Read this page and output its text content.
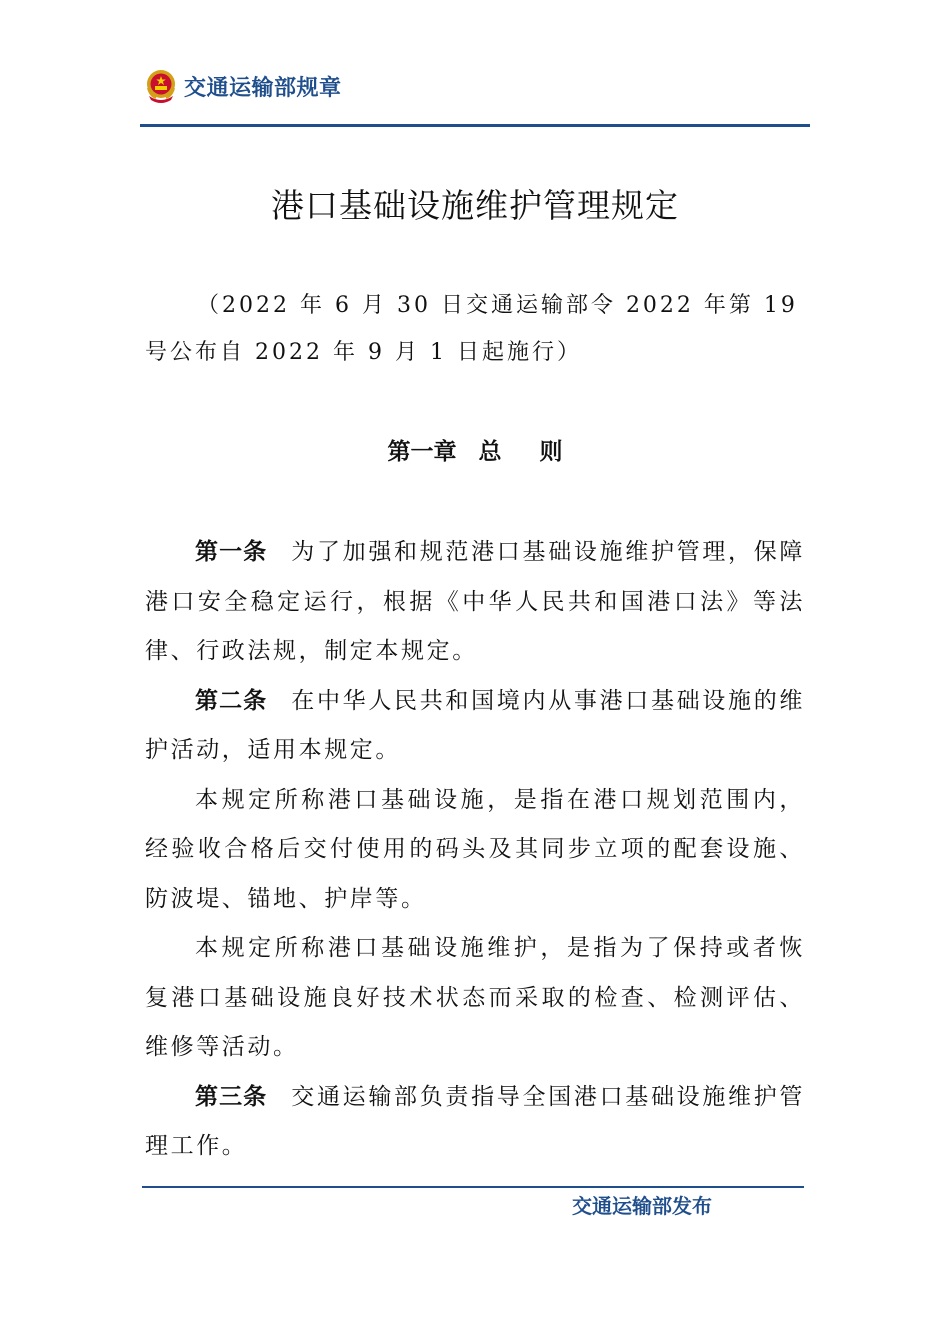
交通运输部规章
港口基础设施维护管理规定
（2022 年 6 月 30 日交通运输部令 2022 年第 19 号公布自 2022 年 9 月 1 日起施行）
第一章 总 则

第一条 为了加强和规范港口基础设施维护管理，保障港口安全稳定运行，根据《中华人民共和国港口法》等法律、行政法规，制定本规定。

第二条 在中华人民共和国境内从事港口基础设施的维护活动，适用本规定。

本规定所称港口基础设施，是指在港口规划范围内，经验收合格后交付使用的码头及其同步立项的配套设施、防波堤、锚地、护岸等。

本规定所称港口基础设施维护，是指为了保持或者恢复港口基础设施良好技术状态而采取的检查、检测评估、维修等活动。

第三条 交通运输部负责指导全国港口基础设施维护管理工作。

交通运输部发布
